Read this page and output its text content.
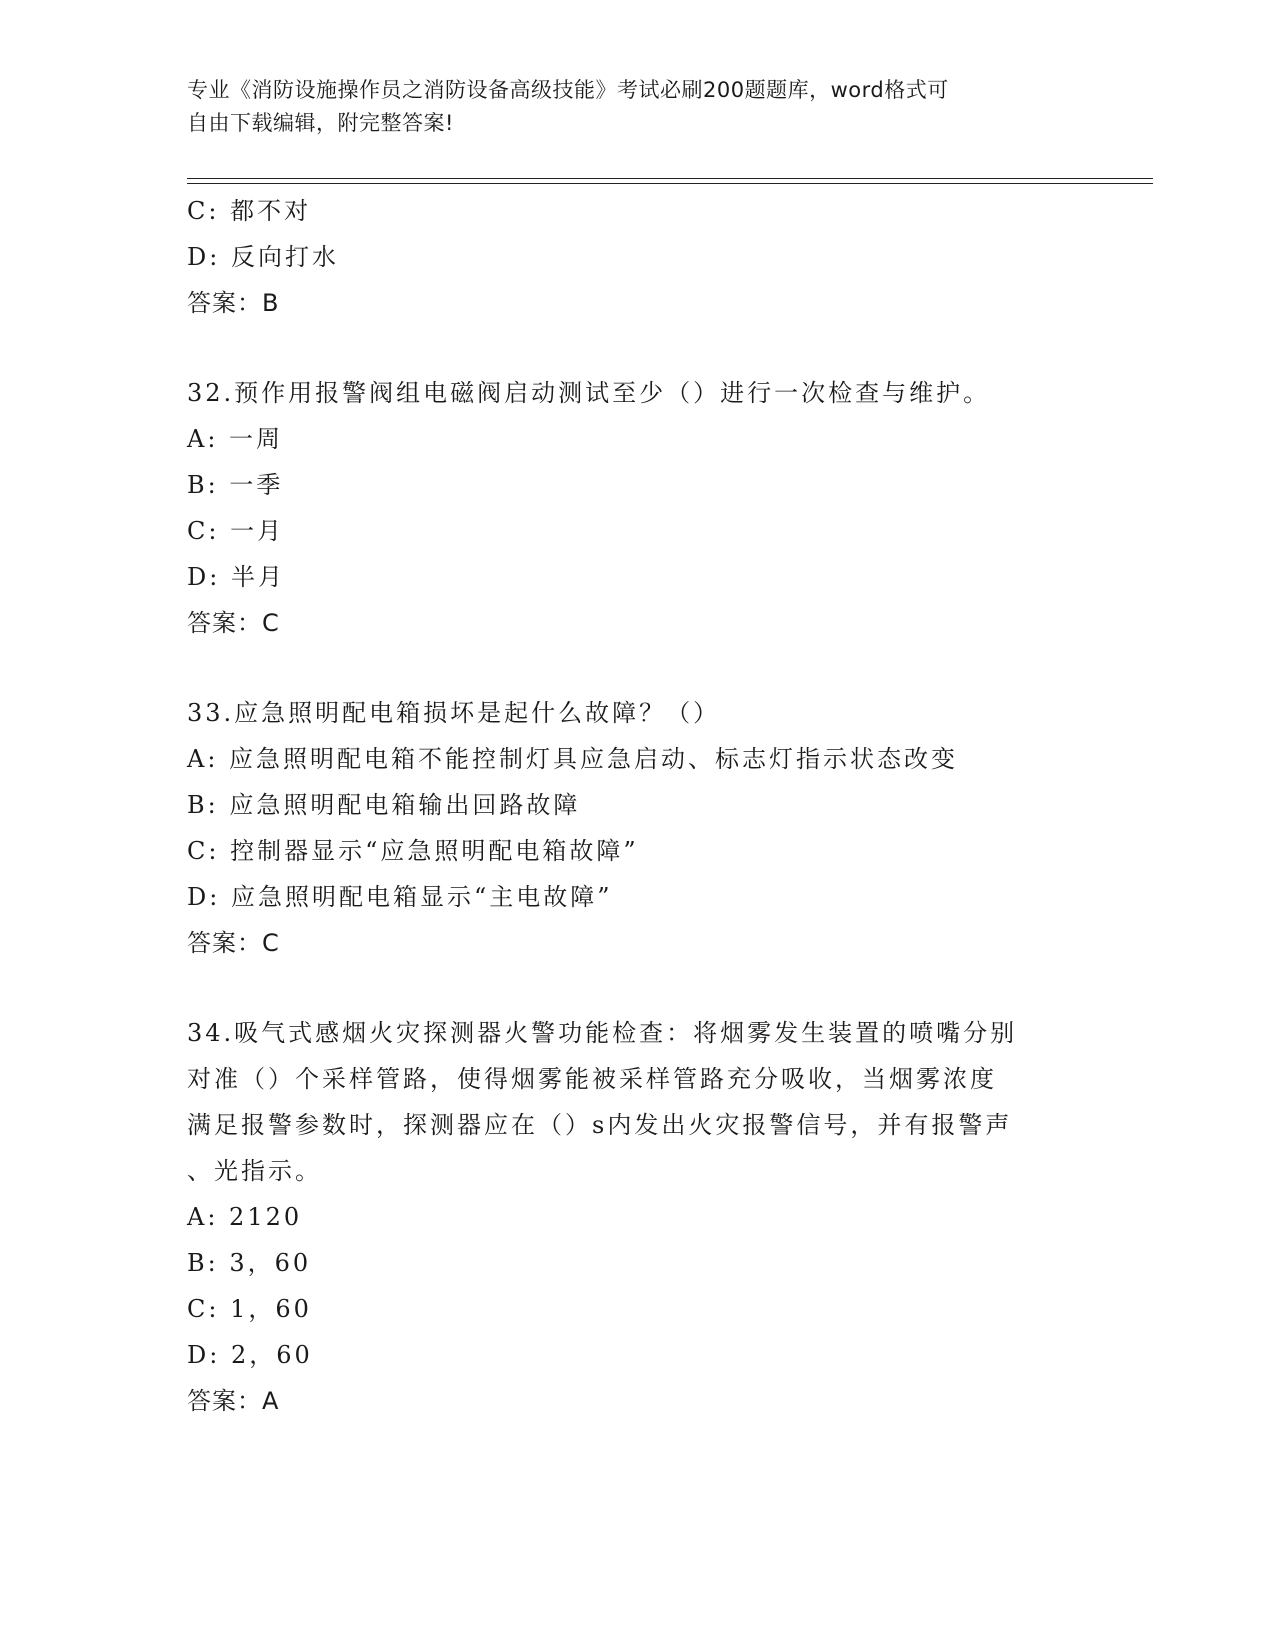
专业《消防设施操作员之消防设备高级技能》考试必刷200题题库，word格式可
自由下载编辑，附完整答案!
C: 都不对
D: 反向打水
答案：B
32.预作用报警阀组电磁阀启动测试至少（）进行一次检查与维护。
A: 一周
B: 一季
C: 一月
D: 半月
答案：C
33.应急照明配电箱损坏是起什么故障？（）
A: 应急照明配电箱不能控制灯具应急启动、标志灯指示状态改变
B: 应急照明配电箱输出回路故障
C: 控制器显示“应急照明配电箱故障”
D: 应急照明配电箱显示“主电故障”
答案：C
34.吸气式感烟火灾探测器火警功能检查：将烟雾发生装置的喷嘴分别
对准（）个采样管路，使得烟雾能被采样管路充分吸收，当烟雾浓度
满足报警参数时，探测器应在（）s内发出火灾报警信号，并有报警声
、光指示。
A: 2120
B: 3，60
C: 1，60
D: 2，60
答案：A
